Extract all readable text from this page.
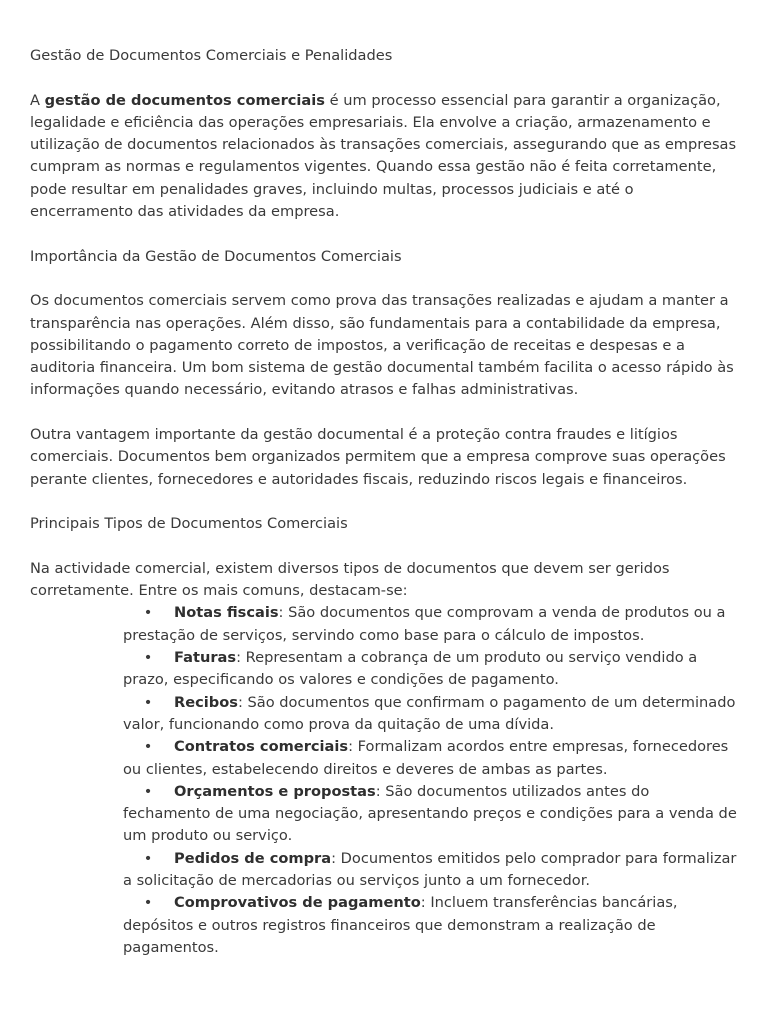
Gestão de Documentos Comerciais e Penalidades

A gestão de documentos comerciais é um processo essencial para garantir a organização, legalidade e eficiência das operações empresariais. Ela envolve a criação, armazenamento e utilização de documentos relacionados às transações comerciais, assegurando que as empresas cumpram as normas e regulamentos vigentes. Quando essa gestão não é feita corretamente, pode resultar em penalidades graves, incluindo multas, processos judiciais e até o encerramento das atividades da empresa.

Importância da Gestão de Documentos Comerciais

Os documentos comerciais servem como prova das transações realizadas e ajudam a manter a transparência nas operações. Além disso, são fundamentais para a contabilidade da empresa, possibilitando o pagamento correto de impostos, a verificação de receitas e despesas e a auditoria financeira. Um bom sistema de gestão documental também facilita o acesso rápido às informações quando necessário, evitando atrasos e falhas administrativas.

Outra vantagem importante da gestão documental é a proteção contra fraudes e litígios comerciais. Documentos bem organizados permitem que a empresa comprove suas operações perante clientes, fornecedores e autoridades fiscais, reduzindo riscos legais e financeiros.

Principais Tipos de Documentos Comerciais

Na actividade comercial, existem diversos tipos de documentos que devem ser geridos corretamente. Entre os mais comuns, destacam-se:

•	Notas fiscais: São documentos que comprovam a venda de produtos ou a prestação de serviços, servindo como base para o cálculo de impostos.
•	Faturas: Representam a cobrança de um produto ou serviço vendido a prazo, especificando os valores e condições de pagamento.
•	Recibos: São documentos que confirmam o pagamento de um determinado valor, funcionando como prova da quitação de uma dívida.
•	Contratos comerciais: Formalizam acordos entre empresas, fornecedores ou clientes, estabelecendo direitos e deveres de ambas as partes.
•	Orçamentos e propostas: São documentos utilizados antes do fechamento de uma negociação, apresentando preços e condições para a venda de um produto ou serviço.
•	Pedidos de compra: Documentos emitidos pelo comprador para formalizar a solicitação de mercadorias ou serviços junto a um fornecedor.
•	Comprovativos de pagamento: Incluem transferências bancárias, depósitos e outros registros financeiros que demonstram a realização de pagamentos.
